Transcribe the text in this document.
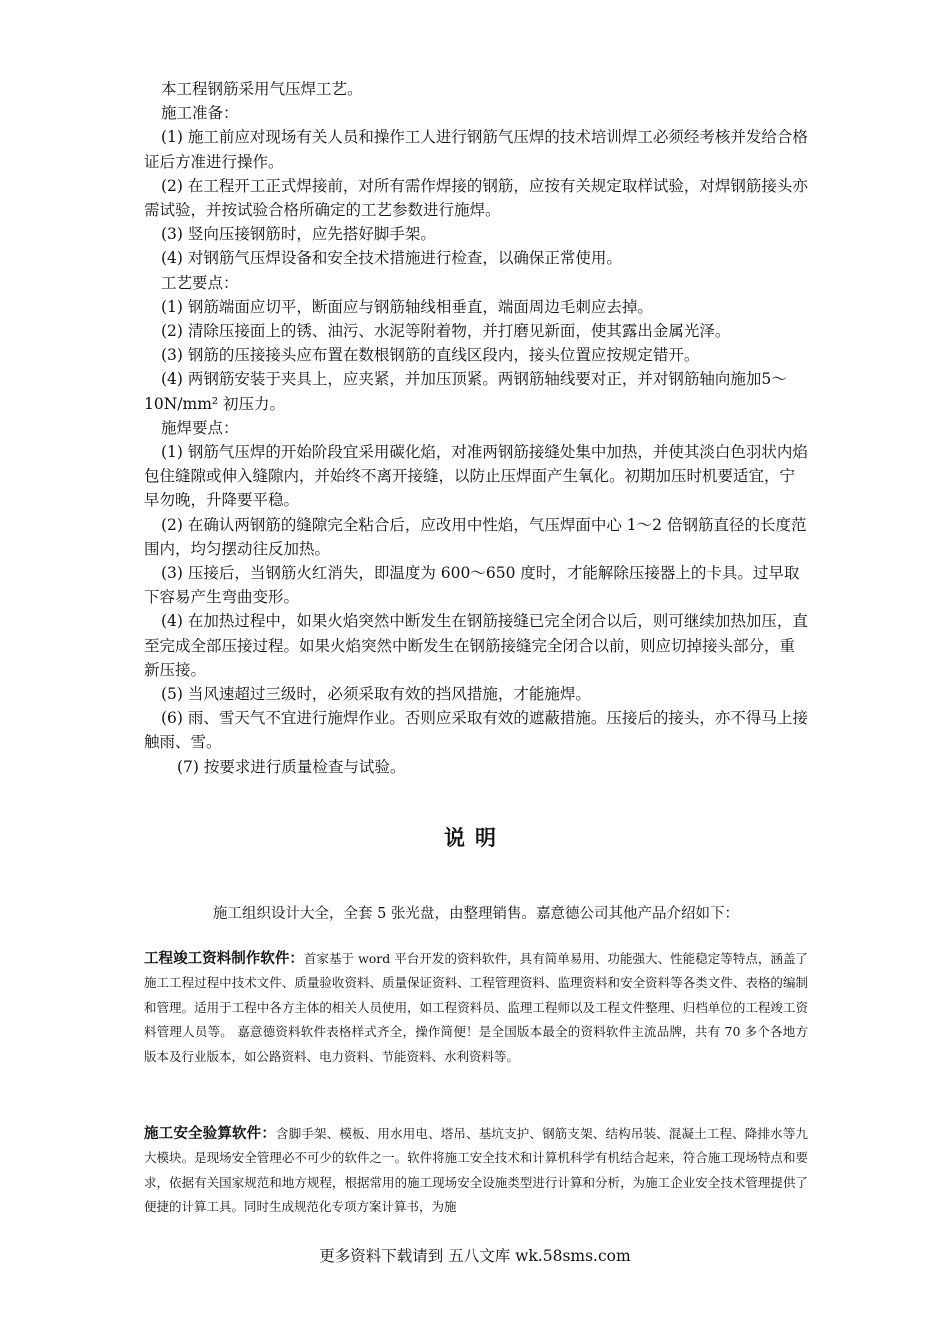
本工程钢筋采用气压焊工艺。

施工准备：

(1) 施工前应对现场有关人员和操作工人进行钢筋气压焊的技术培训焊工必须经考核并发给合格证后方准进行操作。

(2) 在工程开工正式焊接前，对所有需作焊接的钢筋，应按有关规定取样试验，对焊钢筋接头亦需试验，并按试验合格所确定的工艺参数进行施焊。

(3) 竖向压接钢筋时，应先搭好脚手架。

(4) 对钢筋气压焊设备和安全技术措施进行检查，以确保正常使用。

工艺要点：

(1) 钢筋端面应切平，断面应与钢筋轴线相垂直，端面周边毛刺应去掉。

(2) 清除压接面上的锈、油污、水泥等附着物，并打磨见新面，使其露出金属光泽。

(3) 钢筋的压接接头应布置在数根钢筋的直线区段内，接头位置应按规定错开。

(4) 两钢筋安装于夹具上，应夹紧，并加压顶紧。两钢筋轴线要对正，并对钢筋轴向施加5～10N/mm² 初压力。

施焊要点：

(1) 钢筋气压焊的开始阶段宜采用碳化焰，对准两钢筋接缝处集中加热，并使其淡白色羽状内焰包住缝隙或伸入缝隙内，并始终不离开接缝，以防止压焊面产生氧化。初期加压时机要适宜，宁早勿晚，升降要平稳。

(2) 在确认两钢筋的缝隙完全粘合后，应改用中性焰，气压焊面中心 1～2 倍钢筋直径的长度范围内，均匀摆动往反加热。

(3) 压接后，当钢筋火红消失，即温度为 600～650 度时，才能解除压接器上的卡具。过早取下容易产生弯曲变形。

(4) 在加热过程中，如果火焰突然中断发生在钢筋接缝已完全闭合以后，则可继续加热加压，直至完成全部压接过程。如果火焰突然中断发生在钢筋接缝完全闭合以前，则应切掉接头部分，重新压接。

(5) 当风速超过三级时，必须采取有效的挡风措施，才能施焊。

(6) 雨、雪天气不宜进行施焊作业。否则应采取有效的遮蔽措施。压接后的接头，亦不得马上接触雨、雪。

(7) 按要求进行质量检查与试验。

说明
施工组织设计大全，全套 5 张光盘，由整理销售。嘉意德公司其他产品介绍如下：
工程竣工资料制作软件：首家基于 word 平台开发的资料软件，具有简单易用、功能强大、性能稳定等特点，涵盖了施工工程过程中技术文件、质量验收资料、质量保证资料、工程管理资料、监理资料和安全资料等各类文件、表格的编制和管理。适用于工程中各方主体的相关人员使用，如工程资料员、监理工程师以及工程文件整理、归档单位的工程竣工资料管理人员等。 嘉意德资料软件表格样式齐全，操作简便！是全国版本最全的资料软件主流品牌，共有 70 多个各地方版本及行业版本，如公路资料、电力资料、节能资料、水利资料等。
施工安全验算软件：含脚手架、模板、用水用电、塔吊、基坑支护、钢筋支架、结构吊装、混凝土工程、降排水等九大模块。是现场安全管理必不可少的软件之一。软件将施工安全技术和计算机科学有机结合起来，符合施工现场特点和要求，依据有关国家规范和地方规程，根据常用的施工现场安全设施类型进行计算和分析，为施工企业安全技术管理提供了便捷的计算工具。同时生成规范化专项方案计算书，为施
更多资料下载请到 五八文库 wk.58sms.com
